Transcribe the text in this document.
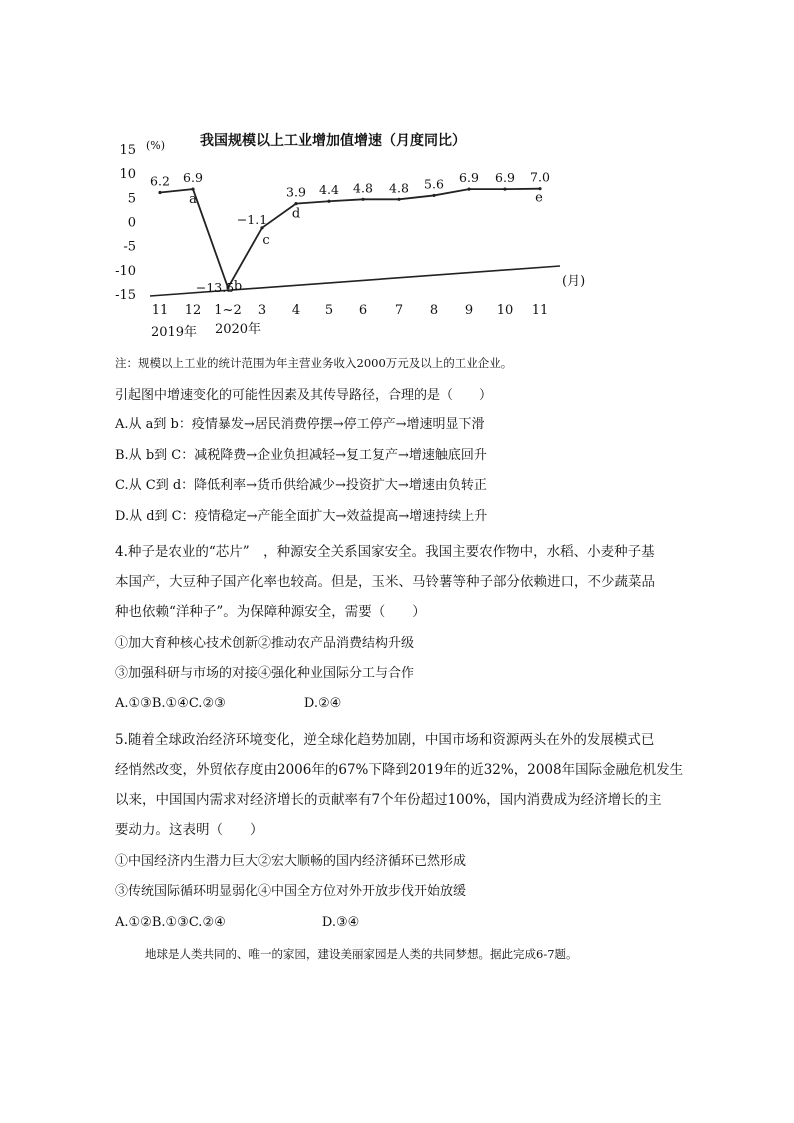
我国规模以上工业增加值增速（月度同比）
(%)
15
10
5
0
-5
-10
-15
6.2 6.9
−13.5
−1.1
3.9 4.4 4.8 4.8 5.6 6.9 6.9 7.0
a
b
c
d
e
11 12 1~2 3 4 5 6 7 8 9 10 11
2019年 2020年
(月)
注：规模以上工业的统计范围为年主营业务收入2000万元及以上的工业企业。
引起图中增速变化的可能性因素及其传导路径，合理的是（　　）
A.从 a到 b：疫情暴发→居民消费停摆→停工停产→增速明显下滑
B.从 b到 C：减税降费→企业负担减轻→复工复产→增速触底回升
C.从 C到 d：降低利率→货币供给减少→投资扩大→增速由负转正
D.从 d到 C：疫情稳定→产能全面扩大→效益提高→增速持续上升
4.种子是农业的“芯片”　，种源安全关系国家安全。我国主要农作物中，水稻、小麦种子基
本国产，大豆种子国产化率也较高。但是，玉米、马铃薯等种子部分依赖进口，不少蔬菜品
种也依赖“洋种子”。为保障种源安全，需要（　　）
①加大育种核心技术创新②推动农产品消费结构升级
③加强科研与市场的对接④强化种业国际分工与合作
A.①③B.①④C.②③	D.②④
5.随着全球政治经济环境变化，逆全球化趋势加剧，中国市场和资源两头在外的发展模式已
经悄然改变，外贸依存度由2006年的67%下降到2019年的近32%，2008年国际金融危机发生
以来，中国国内需求对经济增长的贡献率有7个年份超过100%，国内消费成为经济增长的主
要动力。这表明（　　）
①中国经济内生潜力巨大②宏大顺畅的国内经济循环已然形成
③传统国际循环明显弱化④中国全方位对外开放步伐开始放缓
A.①②B.①③C.②④	D.③④
地球是人类共同的、唯一的家园，建设美丽家园是人类的共同梦想。据此完成6-7题。
